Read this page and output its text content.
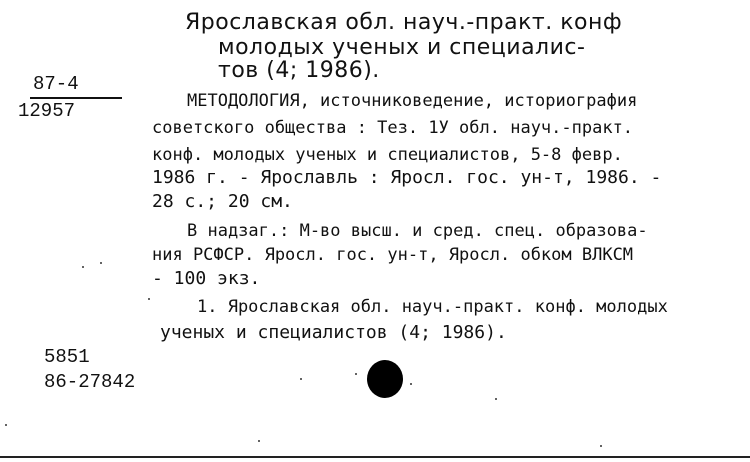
Ярославская обл. науч.-практ. конф
молодых ученых и специалис-
тов (4; 1986).
87-4
12957	МЕТОДОЛОГИЯ, источниковедение, историография
советского общества : Тез. 1У обл. науч.-практ.
конф. молодых ученых и специалистов, 5-8 февр.
1986 г. - Ярославль : Яросл. гос. ун-т, 1986. -
28 с.; 20 см.
В надзаг.: М-во высш. и сред. спец. образова-
ния РСФСР. Яросл. гос. ун-т, Яросл. обком ВЛКСМ
- 100 экз.
1. Ярославская обл. науч.-практ. конф. молодых
ученых и специалистов (4; 1986).
5851
86-27842
